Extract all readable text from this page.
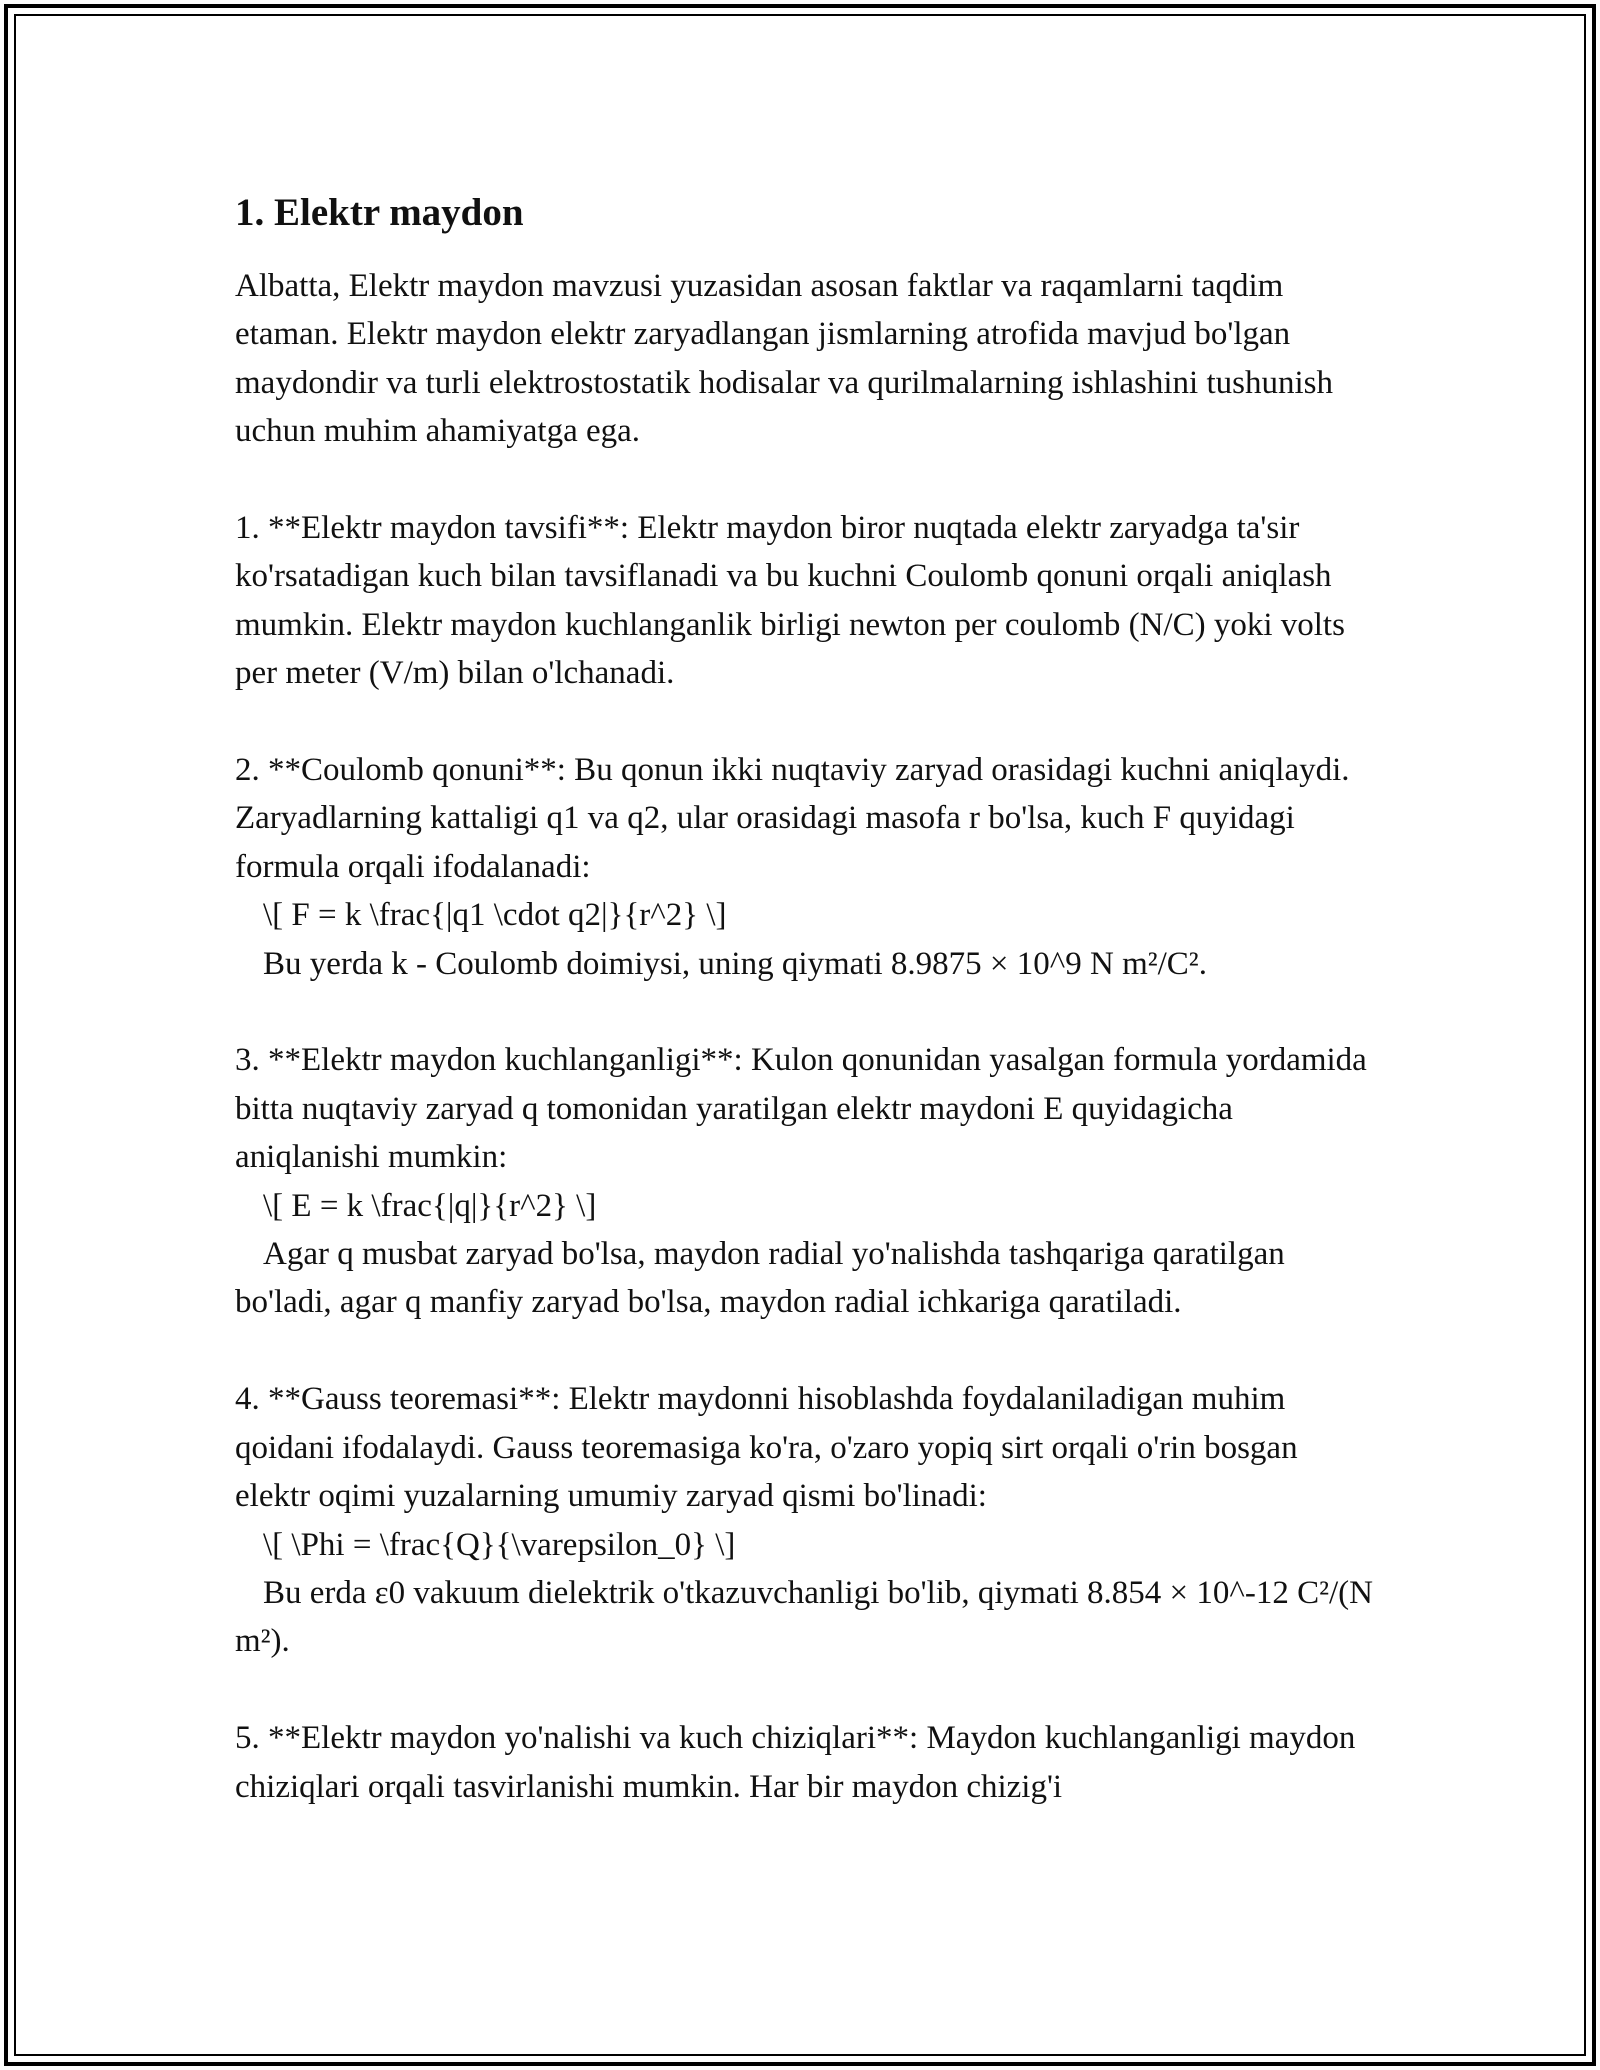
1. Elektr maydon

Albatta, Elektr maydon mavzusi yuzasidan asosan faktlar va raqamlarni taqdim etaman. Elektr maydon elektr zaryadlangan jismlarning atrofida mavjud bo'lgan maydondir va turli elektrostostatik hodisalar va qurilmalarning ishlashini tushunish uchun muhim ahamiyatga ega.

1. **Elektr maydon tavsifi**: Elektr maydon biror nuqtada elektr zaryadga ta'sir ko'rsatadigan kuch bilan tavsiflanadi va bu kuchni Coulomb qonuni orqali aniqlash mumkin. Elektr maydon kuchlanganlik birligi newton per coulomb (N/C) yoki volts per meter (V/m) bilan o'lchanadi.

2. **Coulomb qonuni**: Bu qonun ikki nuqtaviy zaryad orasidagi kuchni aniqlaydi. Zaryadlarning kattaligi q1 va q2, ular orasidagi masofa r bo'lsa, kuch F quyidagi formula orqali ifodalanadi:

\[ F = k \frac{|q1 \cdot q2|}{r^2} \]

Bu yerda k - Coulomb doimiysi, uning qiymati 8.9875 × 10^9 N m²/C².

3. **Elektr maydon kuchlanganligi**: Kulon qonunidan yasalgan formula yordamida bitta nuqtaviy zaryad q tomonidan yaratilgan elektr maydoni E quyidagicha aniqlanishi mumkin:

\[ E = k \frac{|q|}{r^2} \]

Agar q musbat zaryad bo'lsa, maydon radial yo'nalishda tashqariga qaratilgan bo'ladi, agar q manfiy zaryad bo'lsa, maydon radial ichkariga qaratiladi.

4. **Gauss teoremasi**: Elektr maydonni hisoblashda foydalaniladigan muhim qoidani ifodalaydi. Gauss teoremasiga ko'ra, o'zaro yopiq sirt orqali o'rin bosgan elektr oqimi yuzalarning umumiy zaryad qismi bo'linadi:

\[ \Phi = \frac{Q}{\varepsilon_0} \]

Bu erda ε0 vakuum dielektrik o'tkazuvchanligi bo'lib, qiymati 8.854 × 10^-12 C²/(N m²).

5. **Elektr maydon yo'nalishi va kuch chiziqlari**: Maydon kuchlanganligi maydon chiziqlari orqali tasvirlanishi mumkin. Har bir maydon chizig'i
